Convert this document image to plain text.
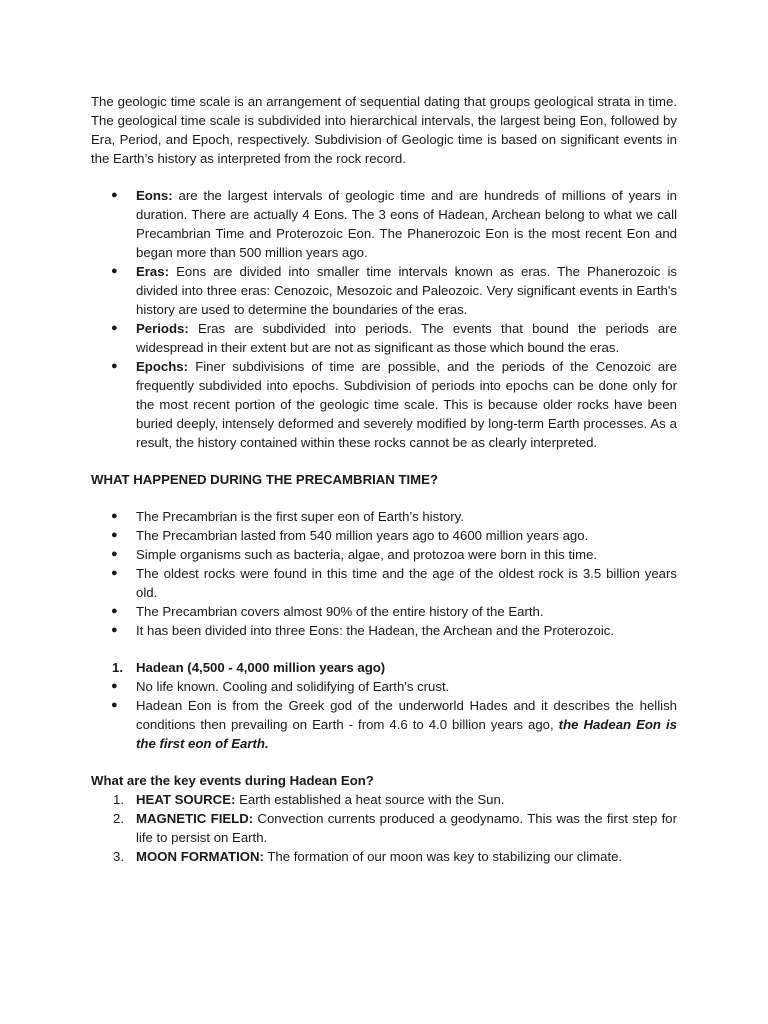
The geologic time scale is an arrangement of sequential dating that groups geological strata in time. The geological time scale is subdivided into hierarchical intervals, the largest being Eon, followed by Era, Period, and Epoch, respectively. Subdivision of Geologic time is based on significant events in the Earth’s history as interpreted from the rock record.

● Eons: are the largest intervals of geologic time and are hundreds of millions of years in duration. There are actually 4 Eons. The 3 eons of Hadean, Archean belong to what we call Precambrian Time and Proterozoic Eon. The Phanerozoic Eon is the most recent Eon and began more than 500 million years ago.
● Eras: Eons are divided into smaller time intervals known as eras. The Phanerozoic is divided into three eras: Cenozoic, Mesozoic and Paleozoic. Very significant events in Earth's history are used to determine the boundaries of the eras.
● Periods: Eras are subdivided into periods. The events that bound the periods are widespread in their extent but are not as significant as those which bound the eras.
● Epochs: Finer subdivisions of time are possible, and the periods of the Cenozoic are frequently subdivided into epochs. Subdivision of periods into epochs can be done only for the most recent portion of the geologic time scale. This is because older rocks have been buried deeply, intensely deformed and severely modified by long-term Earth processes. As a result, the history contained within these rocks cannot be as clearly interpreted.

WHAT HAPPENED DURING THE PRECAMBRIAN TIME?

● The Precambrian is the first super eon of Earth’s history.
● The Precambrian lasted from 540 million years ago to 4600 million years ago.
● Simple organisms such as bacteria, algae, and protozoa were born in this time.
● The oldest rocks were found in this time and the age of the oldest rock is 3.5 billion years old.
● The Precambrian covers almost 90% of the entire history of the Earth.
● It has been divided into three Eons: the Hadean, the Archean and the Proterozoic.
1. Hadean (4,500 - 4,000 million years ago)
● No life known. Cooling and solidifying of Earth's crust.
● Hadean Eon is from the Greek god of the underworld Hades and it describes the hellish conditions then prevailing on Earth - from 4.6 to 4.0 billion years ago, the Hadean Eon is the first eon of Earth.

What are the key events during Hadean Eon?

1. HEAT SOURCE: Earth established a heat source with the Sun.
2. MAGNETIC FIELD: Convection currents produced a geodynamo. This was the first step for life to persist on Earth.
3. MOON FORMATION: The formation of our moon was key to stabilizing our climate.
